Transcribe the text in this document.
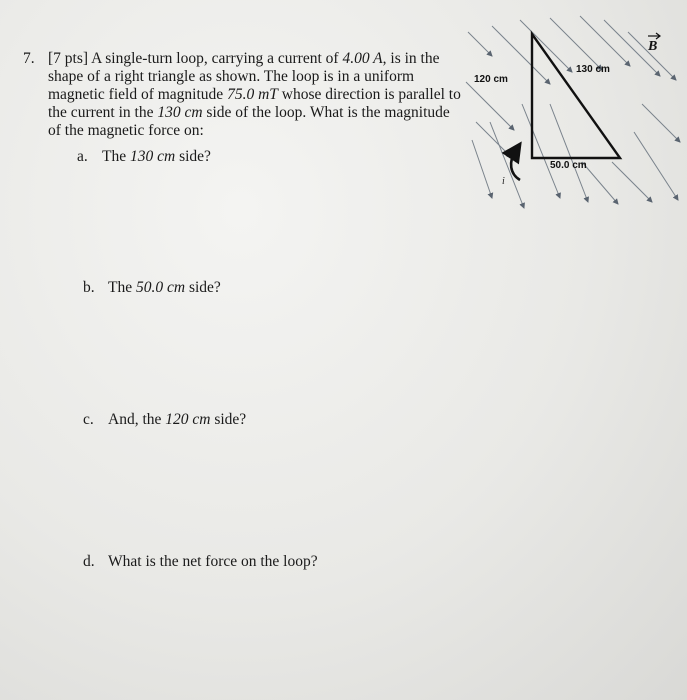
7. [7 pts] A single-turn loop, carrying a current of 4.00 A, is in the shape of a right triangle as shown. The loop is in a uniform magnetic field of magnitude 75.0 mT whose direction is parallel to the current in the 130 cm side of the loop. What is the magnitude of the magnetic force on:
a. The 130 cm side?
b. The 50.0 cm side?
c. And, the 120 cm side?
d. What is the net force on the loop?
i
120 cm
130 cm
50.0 cm
B
